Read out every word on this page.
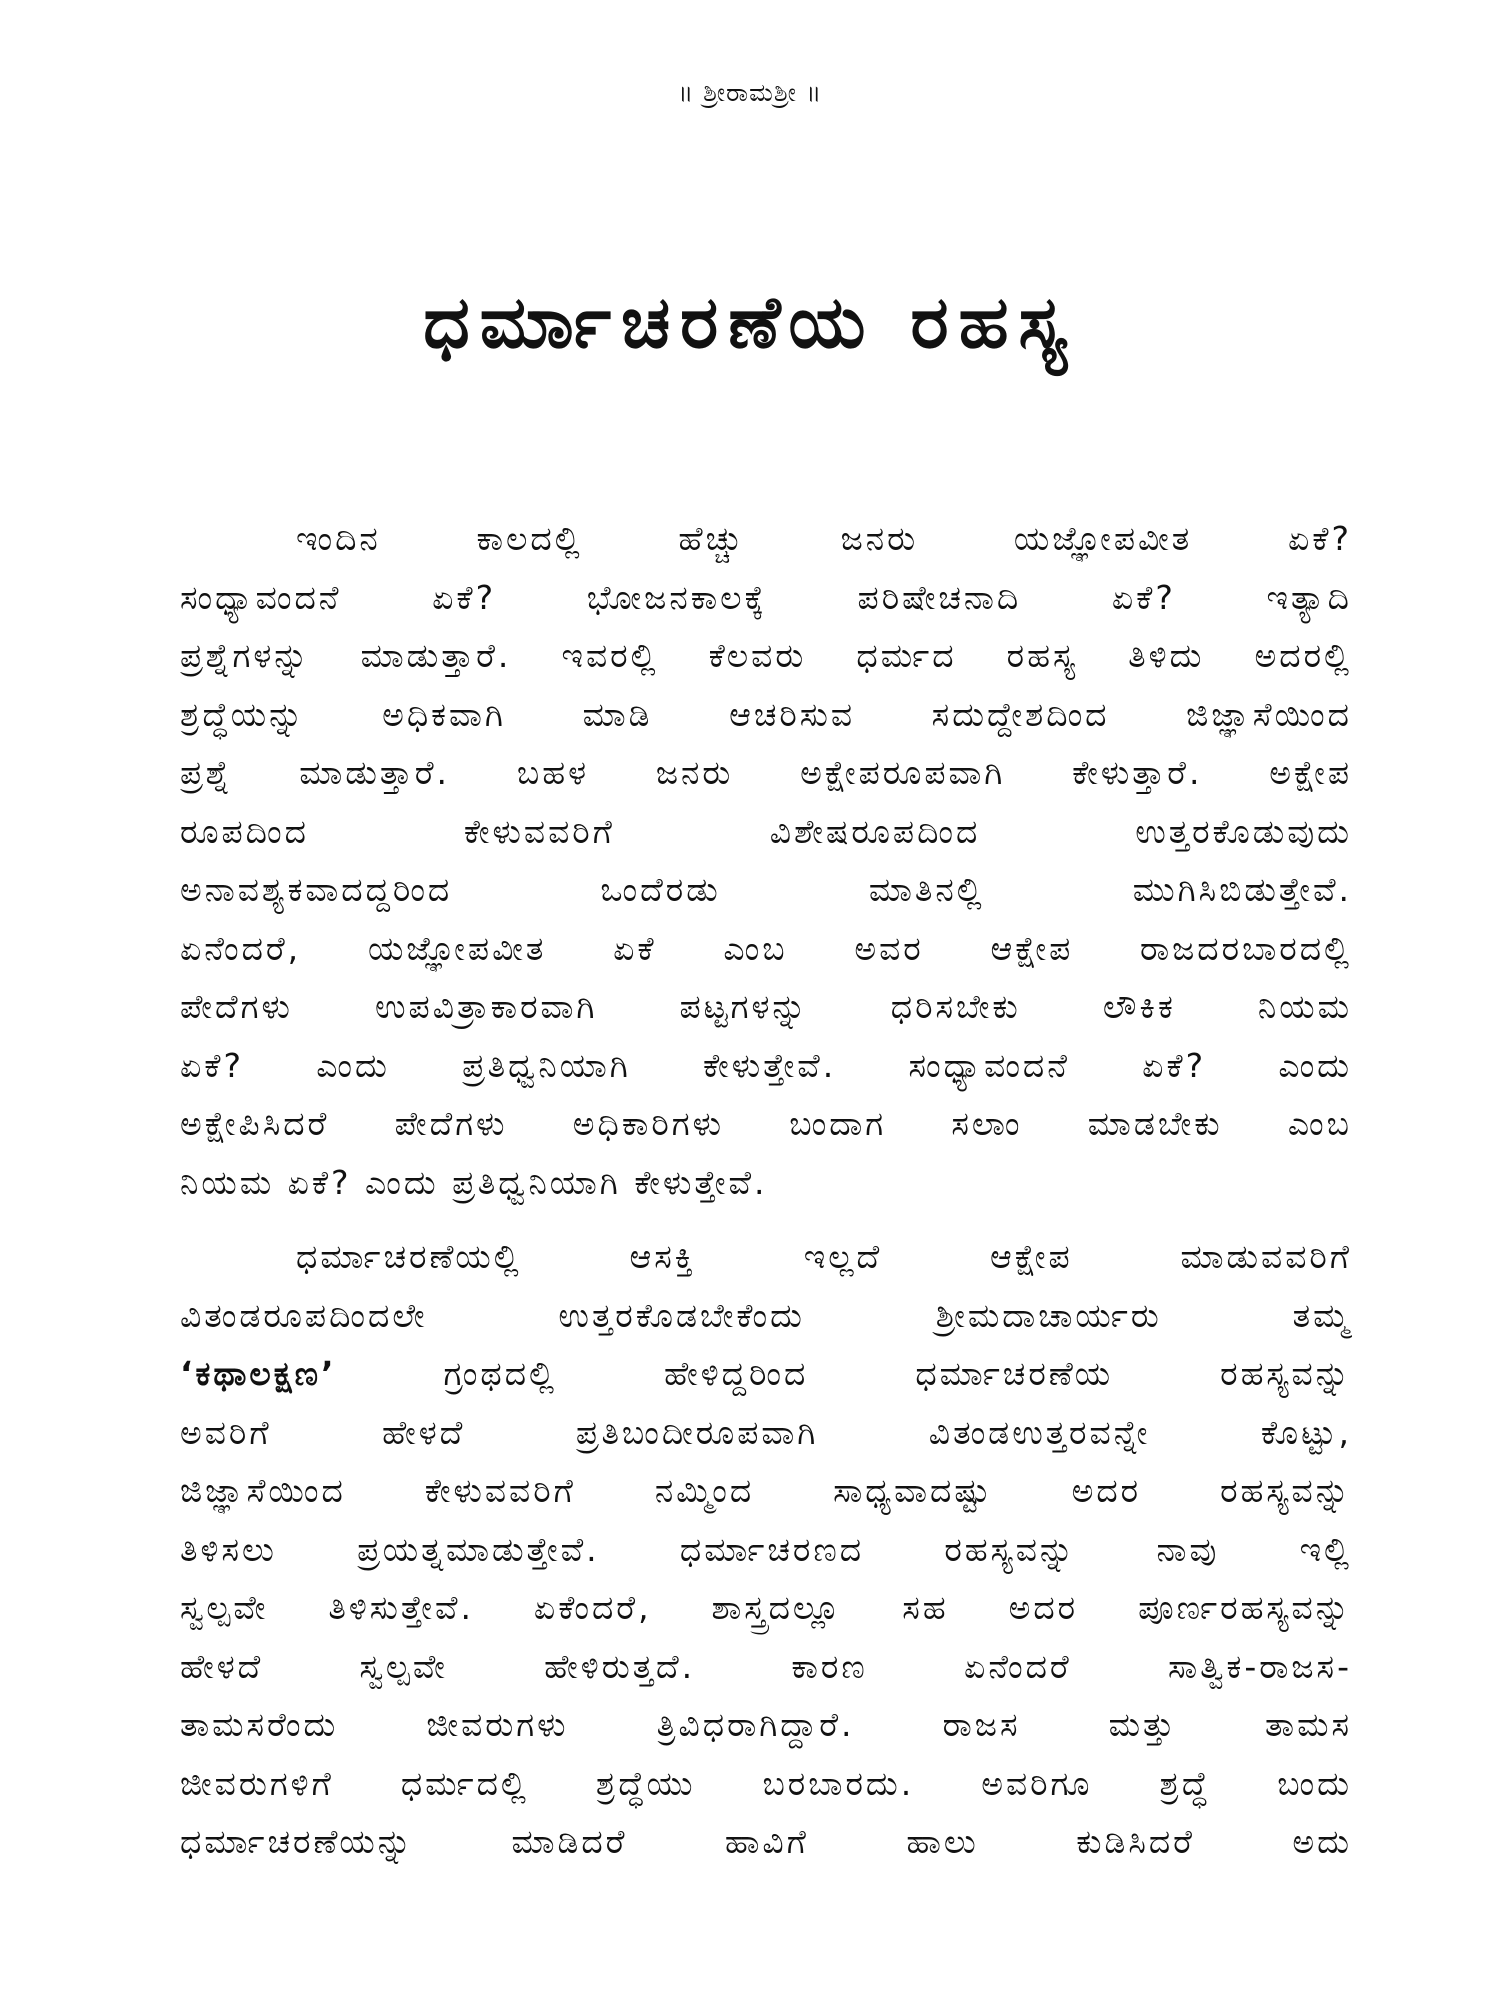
॥ ಶ್ರೀರಾಮಶ್ರೀ ॥
ಧರ್ಮಾಚರಣೆಯ ರಹಸ್ಯ
ಇಂದಿನ ಕಾಲದಲ್ಲಿ ಹೆಚ್ಚು ಜನರು ಯಜ್ಞೋಪವೀತ ಏಕೆ?
ಸಂಧ್ಯಾವಂದನೆ ಏಕೆ? ಭೋಜನಕಾಲಕ್ಕೆ ಪರಿಷೇಚನಾದಿ ಏಕೆ? ಇತ್ಯಾದಿ
ಪ್ರಶ್ನೆಗಳನ್ನು ಮಾಡುತ್ತಾರೆ. ಇವರಲ್ಲಿ ಕೆಲವರು ಧರ್ಮದ ರಹಸ್ಯ ತಿಳಿದು ಅದರಲ್ಲಿ
ಶ್ರದ್ಧೆಯನ್ನು ಅಧಿಕವಾಗಿ ಮಾಡಿ ಆಚರಿಸುವ ಸದುದ್ದೇಶದಿಂದ ಜಿಜ್ಞಾಸೆಯಿಂದ
ಪ್ರಶ್ನೆ ಮಾಡುತ್ತಾರೆ. ಬಹಳ ಜನರು ಅಕ್ಷೇಪರೂಪವಾಗಿ ಕೇಳುತ್ತಾರೆ. ಅಕ್ಷೇಪ
ರೂಪದಿಂದ ಕೇಳುವವರಿಗೆ ವಿಶೇಷರೂಪದಿಂದ ಉತ್ತರಕೊಡುವುದು
ಅನಾವಶ್ಯಕವಾದದ್ದರಿಂದ ಒಂದೆರಡು ಮಾತಿನಲ್ಲಿ ಮುಗಿಸಿಬಿಡುತ್ತೇವೆ.
ಏನೆಂದರೆ, ಯಜ್ಞೋಪವೀತ ಏಕೆ ಎಂಬ ಅವರ ಆಕ್ಷೇಪ ರಾಜದರಬಾರದಲ್ಲಿ
ಪೇದೆಗಳು ಉಪವಿತ್ರಾಕಾರವಾಗಿ ಪಟ್ಟಗಳನ್ನು ಧರಿಸಬೇಕು ಲೌಕಿಕ ನಿಯಮ
ಏಕೆ? ಎಂದು ಪ್ರತಿಧ್ವನಿಯಾಗಿ ಕೇಳುತ್ತೇವೆ. ಸಂಧ್ಯಾವಂದನೆ ಏಕೆ? ಎಂದು
ಅಕ್ಷೇಪಿಸಿದರೆ ಪೇದೆಗಳು ಅಧಿಕಾರಿಗಳು ಬಂದಾಗ ಸಲಾಂ ಮಾಡಬೇಕು ಎಂಬ
ನಿಯಮ ಏಕೆ? ಎಂದು ಪ್ರತಿಧ್ವನಿಯಾಗಿ ಕೇಳುತ್ತೇವೆ.
ಧರ್ಮಾಚರಣೆಯಲ್ಲಿ ಆಸಕ್ತಿ ಇಲ್ಲದೆ ಆಕ್ಷೇಪ ಮಾಡುವವರಿಗೆ
ವಿತಂಡರೂಪದಿಂದಲೇ ಉತ್ತರಕೊಡಬೇಕೆಂದು ಶ್ರೀಮದಾಚಾರ್ಯರು ತಮ್ಮ
‘ಕಥಾಲಕ್ಷಣ’ ಗ್ರಂಥದಲ್ಲಿ ಹೇಳಿದ್ದರಿಂದ ಧರ್ಮಾಚರಣೆಯ ರಹಸ್ಯವನ್ನು
ಅವರಿಗೆ ಹೇಳದೆ ಪ್ರತಿಬಂದೀರೂಪವಾಗಿ ವಿತಂಡಉತ್ತರವನ್ನೇ ಕೊಟ್ಟು,
ಜಿಜ್ಞಾಸೆಯಿಂದ ಕೇಳುವವರಿಗೆ ನಮ್ಮಿಂದ ಸಾಧ್ಯವಾದಷ್ಟು ಅದರ ರಹಸ್ಯವನ್ನು
ತಿಳಿಸಲು ಪ್ರಯತ್ನಮಾಡುತ್ತೇವೆ. ಧರ್ಮಾಚರಣದ ರಹಸ್ಯವನ್ನು ನಾವು ಇಲ್ಲಿ
ಸ್ವಲ್ಪವೇ ತಿಳಿಸುತ್ತೇವೆ. ಏಕೆಂದರೆ, ಶಾಸ್ತ್ರದಲ್ಲೂ ಸಹ ಅದರ ಪೂರ್ಣರಹಸ್ಯವನ್ನು
ಹೇಳದೆ ಸ್ವಲ್ಪವೇ ಹೇಳಿರುತ್ತದೆ. ಕಾರಣ ಏನೆಂದರೆ ಸಾತ್ವಿಕ-ರಾಜಸ-
ತಾಮಸರೆಂದು ಜೀವರುಗಳು ತ್ರಿವಿಧರಾಗಿದ್ದಾರೆ. ರಾಜಸ ಮತ್ತು ತಾಮಸ
ಜೀವರುಗಳಿಗೆ ಧರ್ಮದಲ್ಲಿ ಶ್ರದ್ಧೆಯು ಬರಬಾರದು. ಅವರಿಗೂ ಶ್ರದ್ಧೆ ಬಂದು
ಧರ್ಮಾಚರಣೆಯನ್ನು ಮಾಡಿದರೆ ಹಾವಿಗೆ ಹಾಲು ಕುಡಿಸಿದರೆ ಅದು
